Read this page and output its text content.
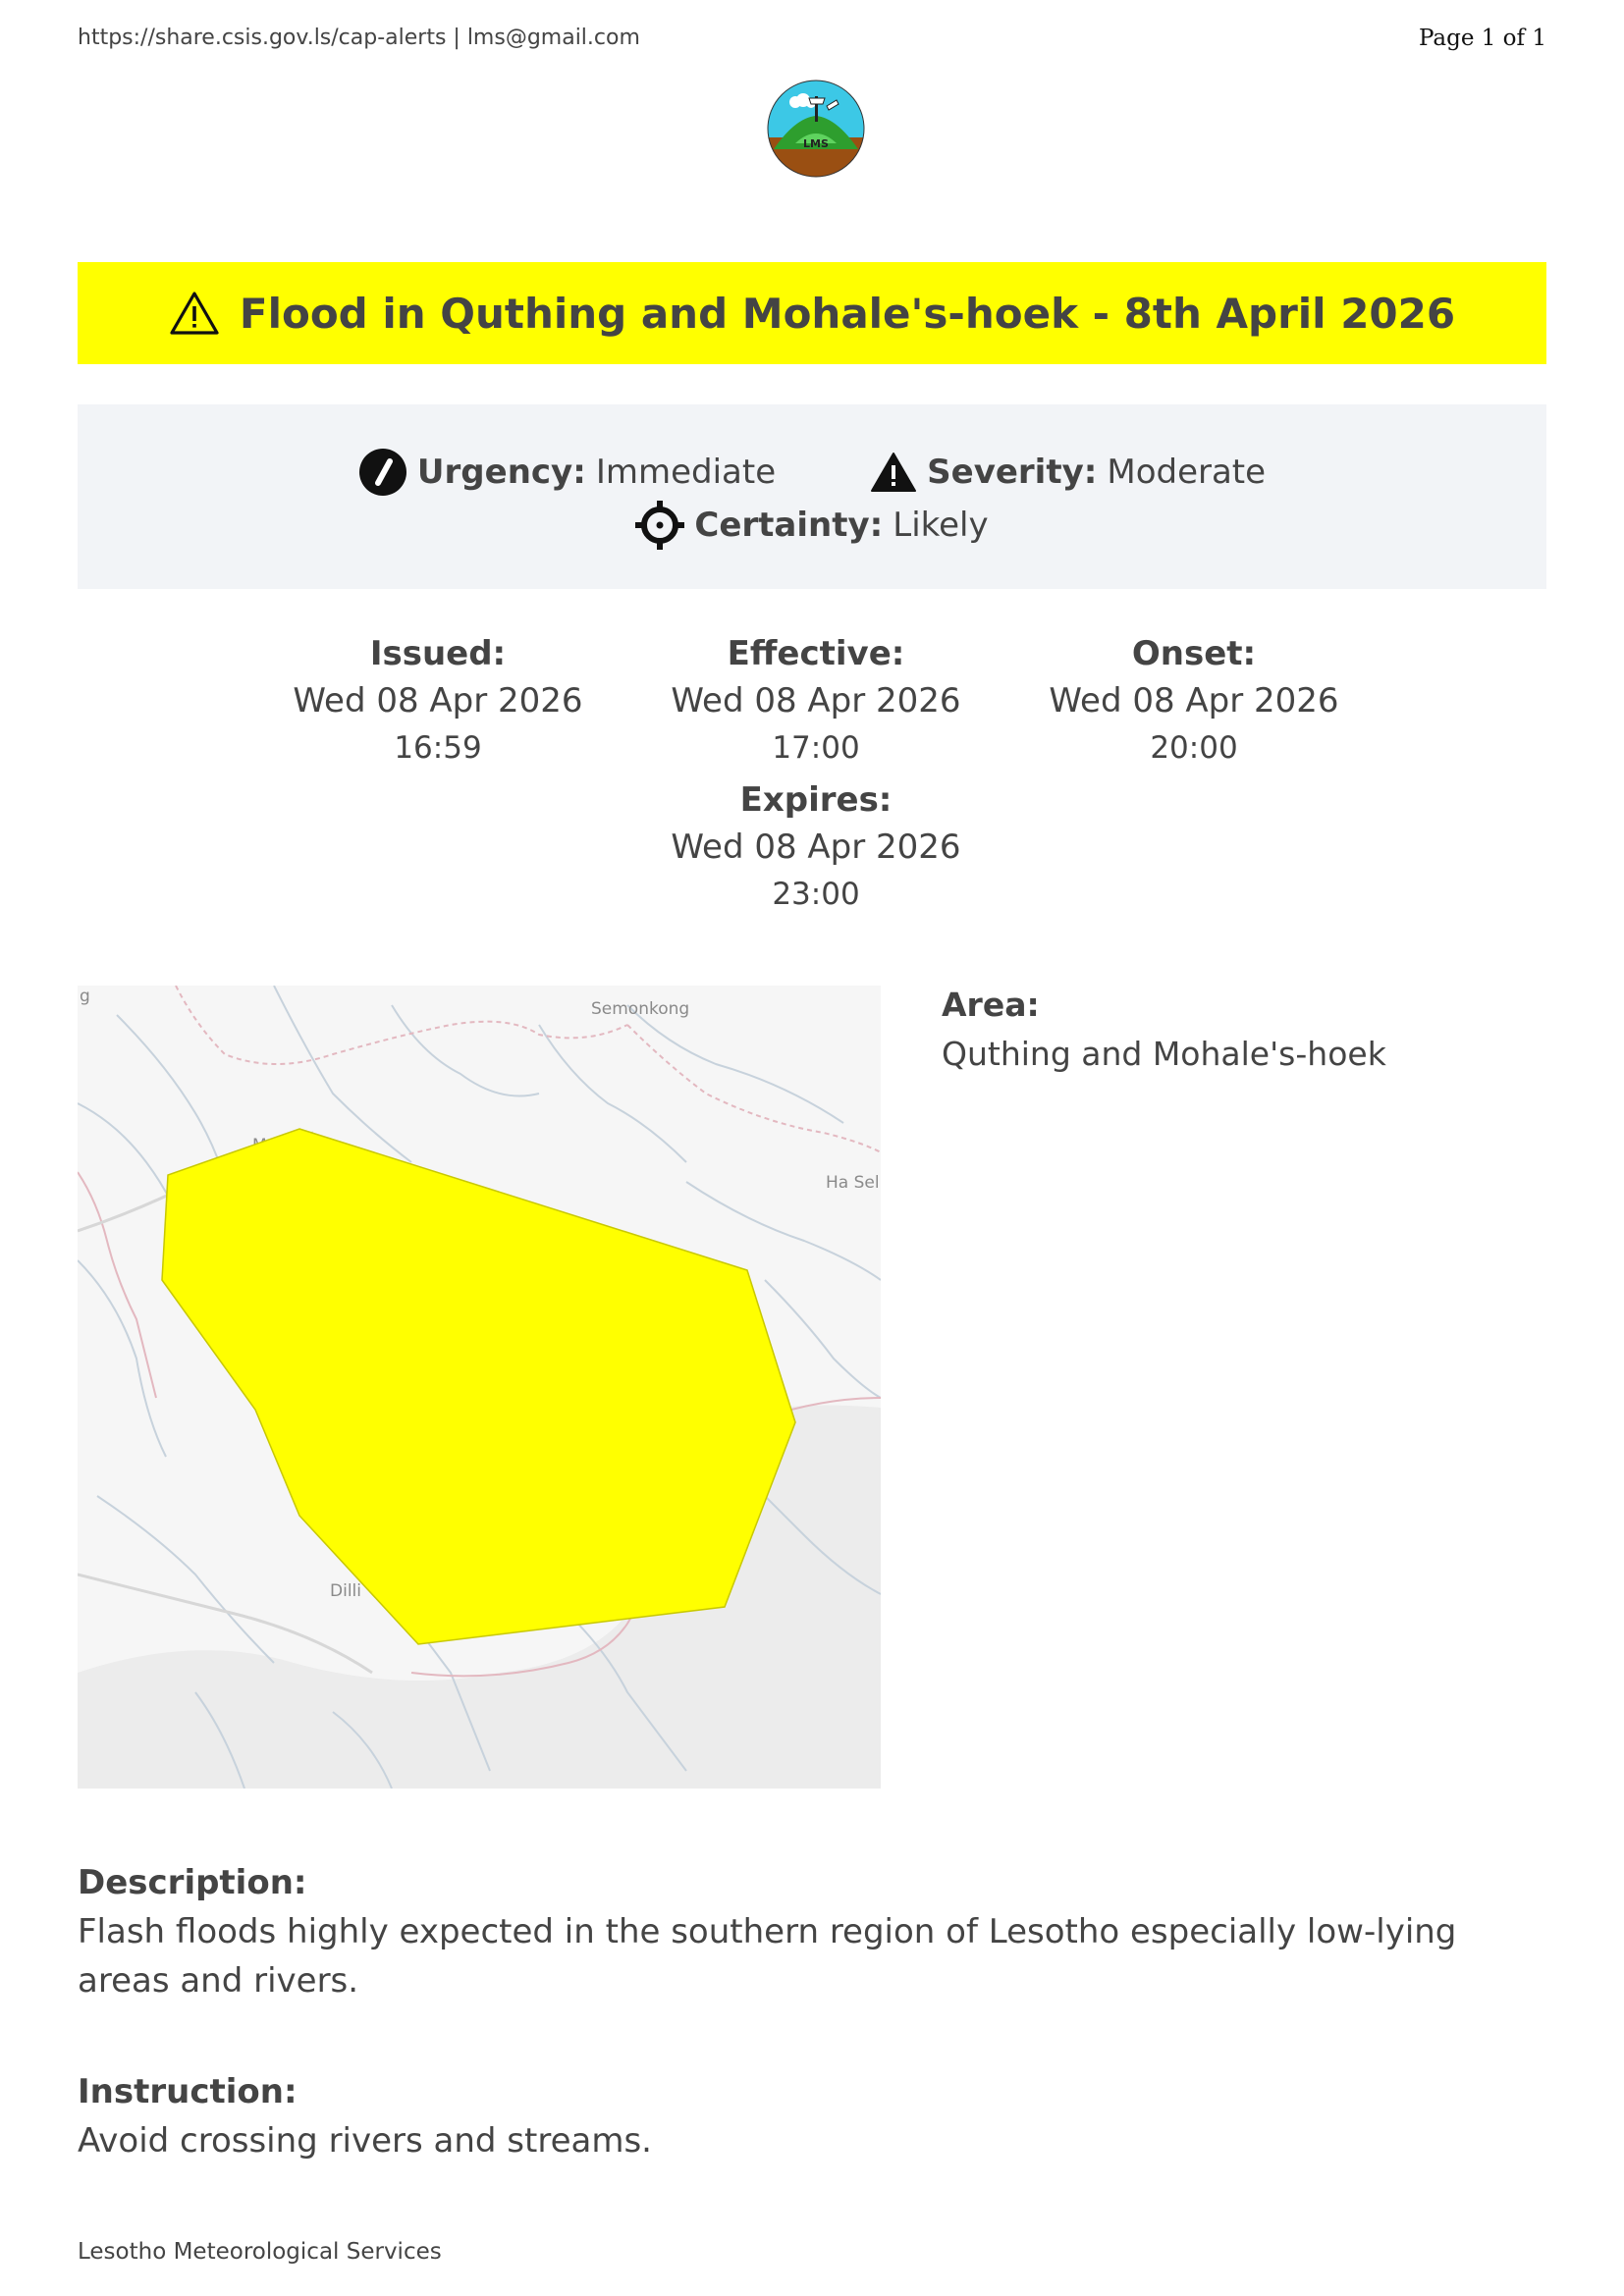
https://share.csis.gov.ls/cap-alerts | lms@gmail.com	Page 1 of 1
LMS
Flood in Quthing and Mohale's-hoek - 8th April 2026
Urgency: Immediate	Severity: Moderate
Certainty: Likely
Issued:
Wed 08 Apr 2026
16:59
Effective:
Wed 08 Apr 2026
17:00
Onset:
Wed 08 Apr 2026
20:00
Expires:
Wed 08 Apr 2026
23:00
g
Semonkong
Ha Sel
Dilli
Area:
Quthing and Mohale's-hoek
Description:
Flash floods highly expected in the southern region of Lesotho especially low-lying areas and rivers.
Instruction:
Avoid crossing rivers and streams.
Lesotho Meteorological Services
